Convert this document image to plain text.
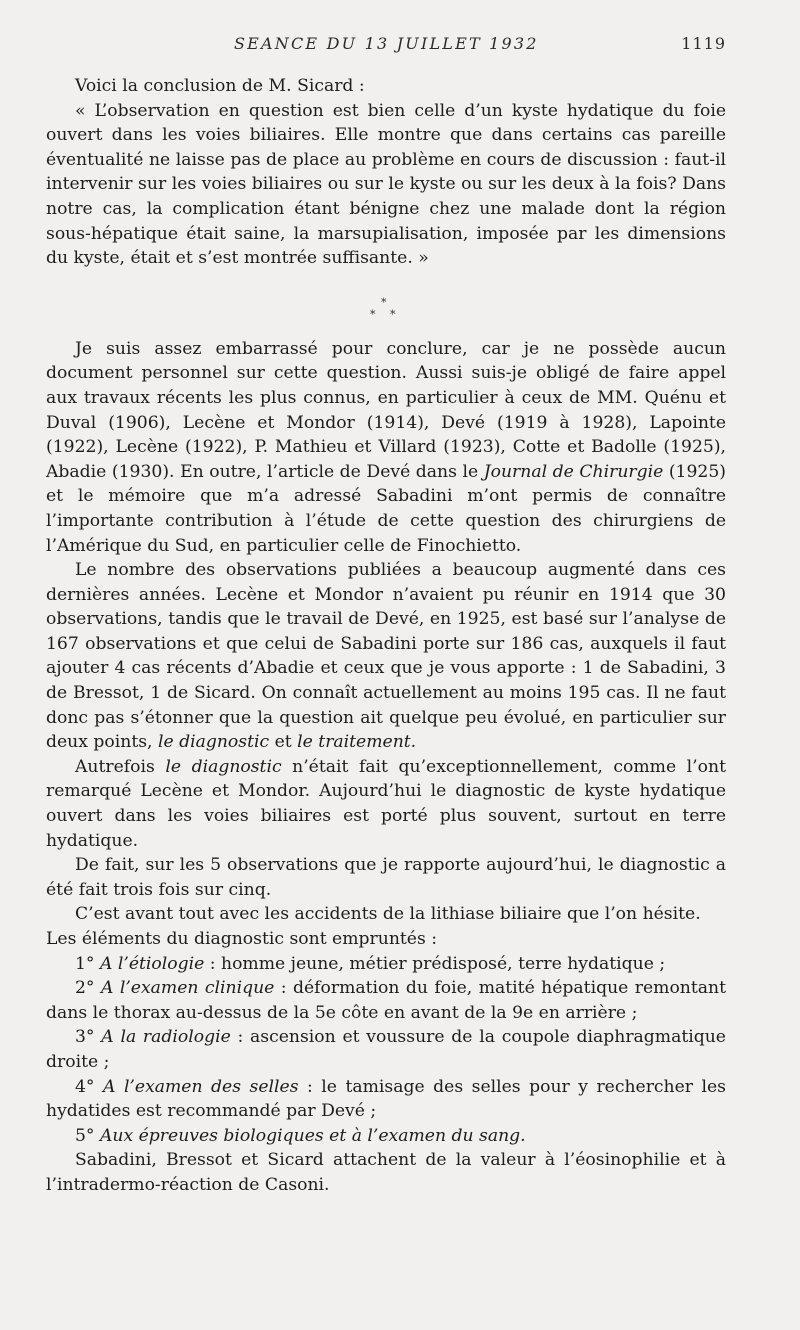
SEANCE DU 13 JUILLET 1932	1119

Voici la conclusion de M. Sicard :

« L’observation en question est bien celle d’un kyste hydatique du foie ouvert dans les voies biliaires. Elle montre que dans certains cas pareille éventualité ne laisse pas de place au problème en cours de discussion : faut-il intervenir sur les voies biliaires ou sur le kyste ou sur les deux à la fois? Dans notre cas, la complication étant bénigne chez une malade dont la région sous-hépatique était saine, la marsupialisation, imposée par les dimensions du kyste, était et s’est montrée suffisante. »

*
* *

Je suis assez embarrassé pour conclure, car je ne possède aucun document personnel sur cette question. Aussi suis-je obligé de faire appel aux travaux récents les plus connus, en particulier à ceux de MM. Quénu et Duval (1906), Lecène et Mondor (1914), Devé (1919 à 1928), Lapointe (1922), Lecène (1922), P. Mathieu et Villard (1923), Cotte et Badolle (1925), Abadie (1930). En outre, l’article de Devé dans le Journal de Chirurgie (1925) et le mémoire que m’a adressé Sabadini m’ont permis de connaître l’importante contribution à l’étude de cette question des chirurgiens de l’Amérique du Sud, en particulier celle de Finochietto.

Le nombre des observations publiées a beaucoup augmenté dans ces dernières années. Lecène et Mondor n’avaient pu réunir en 1914 que 30 observations, tandis que le travail de Devé, en 1925, est basé sur l’analyse de 167 observations et que celui de Sabadini porte sur 186 cas, auxquels il faut ajouter 4 cas récents d’Abadie et ceux que je vous apporte : 1 de Sabadini, 3 de Bressot, 1 de Sicard. On connaît actuellement au moins 195 cas. Il ne faut donc pas s’étonner que la question ait quelque peu évolué, en particulier sur deux points, le diagnostic et le traitement.

Autrefois le diagnostic n’était fait qu’exceptionnellement, comme l’ont remarqué Lecène et Mondor. Aujourd’hui le diagnostic de kyste hydatique ouvert dans les voies biliaires est porté plus souvent, surtout en terre hydatique.

De fait, sur les 5 observations que je rapporte aujourd’hui, le diagnostic a été fait trois fois sur cinq.

C’est avant tout avec les accidents de la lithiase biliaire que l’on hésite.

Les éléments du diagnostic sont empruntés :

1° A l’étiologie : homme jeune, métier prédisposé, terre hydatique ;

2° A l’examen clinique : déformation du foie, matité hépatique remontant dans le thorax au-dessus de la 5e côte en avant de la 9e en arrière ;

3° A la radiologie : ascension et voussure de la coupole diaphragmatique droite ;

4° A l’examen des selles : le tamisage des selles pour y rechercher les hydatides est recommandé par Devé ;

5° Aux épreuves biologiques et à l’examen du sang.

Sabadini, Bressot et Sicard attachent de la valeur à l’éosinophilie et à l’intradermo-réaction de Casoni.
